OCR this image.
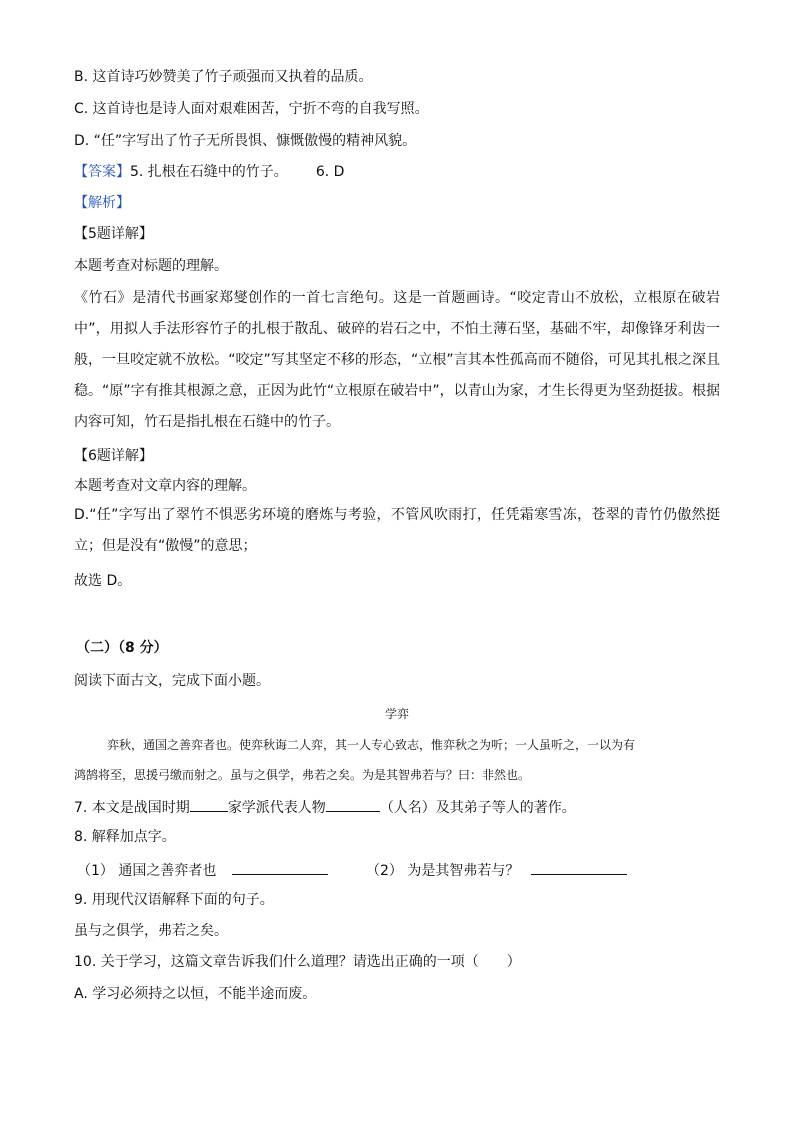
B. 这首诗巧妙赞美了竹子顽强而又执着的品质。
C. 这首诗也是诗人面对艰难困苦，宁折不弯的自我写照。
D. “任”字写出了竹子无所畏惧、慷慨傲慢的精神风貌。
【答案】5. 扎根在石缝中的竹子。 6. D
【解析】
【5题详解】
本题考查对标题的理解。
《竹石》是清代书画家郑燮创作的一首七言绝句。这是一首题画诗。“咬定青山不放松，立根原在破岩中”，用拟人手法形容竹子的扎根于散乱、破碎的岩石之中，不怕土薄石坚，基础不牢，却像锋牙利齿一般，一旦咬定就不放松。“咬定”写其坚定不移的形态，“立根”言其本性孤高而不随俗，可见其扎根之深且稳。“原”字有推其根源之意，正因为此竹“立根原在破岩中”，以青山为家，才生长得更为坚劲挺拔。根据内容可知，竹石是指扎根在石缝中的竹子。
【6题详解】
本题考查对文章内容的理解。
D.“任”字写出了翠竹不惧恶劣环境的磨炼与考验，不管风吹雨打，任凭霜寒雪冻，苍翠的青竹仍傲然挺立；但是没有“傲慢”的意思；
故选 D。
（二）（8 分）
阅读下面古文，完成下面小题。
学弈
弈秋，通国之善弈者也。使弈秋诲二人弈，其一人专心致志，惟弈秋之为听；一人虽听之，一以为有
鸿鹄将至，思援弓缴而射之。虽与之俱学，弗若之矣。为是其智弗若与？曰：非然也。
7. 本文是战国时期	家学派代表人物	（人名）及其弟子等人的著作。
8. 解释加点字。
（1） 通国之善弈者也	（2） 为是其智弗若与？
9. 用现代汉语解释下面的句子。
虽与之俱学，弗若之矣。
10. 关于学习，这篇文章告诉我们什么道理？请选出正确的一项（　　）
A. 学习必须持之以恒，不能半途而废。
